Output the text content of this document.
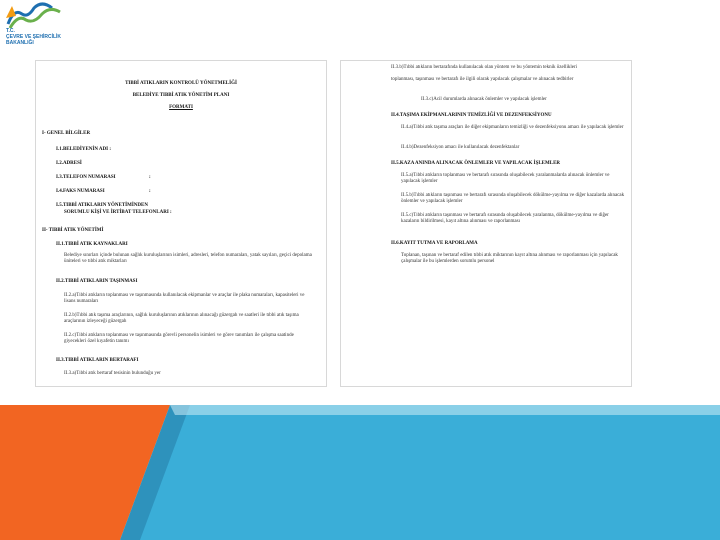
T.C.
ÇEVRE VE ŞEHİRCİLİK
BAKANLIĞI
TIBBİ ATIKLARIN KONTROLÜ YÖNETMELİĞİ
BELEDİYE TIBBİ ATIK YÖNETİM PLANI
FORMATI
I- GENEL BİLGİLER
I.1.BELEDİYENİN ADI :
I.2.ADRESİ
I.3.TELEFON NUMARASI	:
I.4.FAKS NUMARASI	:
I.5.TIBBİ ATIKLARIN YÖNETİMİNDEN
SORUMLU KİŞİ VE İRTİBAT TELEFONLARI :
II- TIBBİ ATIK YÖNETİMİ
II.1.TIBBİ ATIK KAYNAKLARI
Belediye sınırları içinde bulunan sağlık kuruluşlarının isimleri, adresleri, telefon numaraları, yatak sayıları, geçici depolama üniteleri ve tıbbi atık miktarları
II.2.TIBBİ ATIKLARIN TAŞINMASI
II.2.a)Tıbbi atıkların toplanması ve taşınmasında kullanılacak ekipmanlar ve araçlar ile plaka numaraları, kapasiteleri ve lisans numaraları
II.2.b)Tıbbi atık taşıma araçlarının, sağlık kuruluşlarının atıklarının alınacağı güzergah ve saatleri ile tıbbi atık taşıma araçlarının izleyeceği güzergah
II.2.c)Tıbbi atıkların toplanması ve taşınmasında görevli personelin isimleri ve görev tanımları ile çalışma saatinde giyecekleri özel kıyafetin tanımı
II.3.TIBBİ ATIKLARIN BERTARAFI
II.3.a)Tıbbi atık bertaraf tesisinin bulunduğu yer
II.3.b)Tıbbi atıkların bertarafında kullanılacak olan yöntem ve bu yöntemin teknik özellikleri
toplanması, taşınması ve bertarafı ile ilgili olarak yapılacak çalışmalar ve alınacak tedbirler
II.3.c)Acil durumlarda alınacak önlemler ve yapılacak işlemler
II.4.TAŞIMA EKİPMANLARININ TEMİZLİĞİ VE DEZENFEKSİYONU
II.4.a)Tıbbi atık taşıma araçları ile diğer ekipmanların temizliği ve dezenfeksiyonu amacı ile yapılacak işlemler
II.4.b)Dezenfeksiyon amacı ile kullanılacak dezenfektanlar
II.5.KAZA ANINDA ALINACAK ÖNLEMLER VE YAPILACAK İŞLEMLER
II.5.a)Tıbbi atıkların toplanması ve bertarafı sırasında oluşabilecek yaralanmalarda alınacak önlemler ve yapılacak işlemler
II.5.b)Tıbbi atıkların taşınması ve bertarafı sırasında oluşabilecek dökülme-yayılma ve diğer kazalarda alınacak önlemler ve yapılacak işlemler
II.5.c)Tıbbi atıkların taşınması ve bertarafı sırasında oluşabilecek yaralanma, dökülme-yayılma ve diğer kazaların bildirilmesi, kayıt altına alınması ve raporlanması
II.6.KAYIT TUTMA VE RAPORLAMA
Toplanan, taşınan ve bertaraf edilen tıbbi atık miktarının kayıt altına alınması ve raporlanması için yapılacak çalışmalar ile bu işlemlerden sorumlu personel
